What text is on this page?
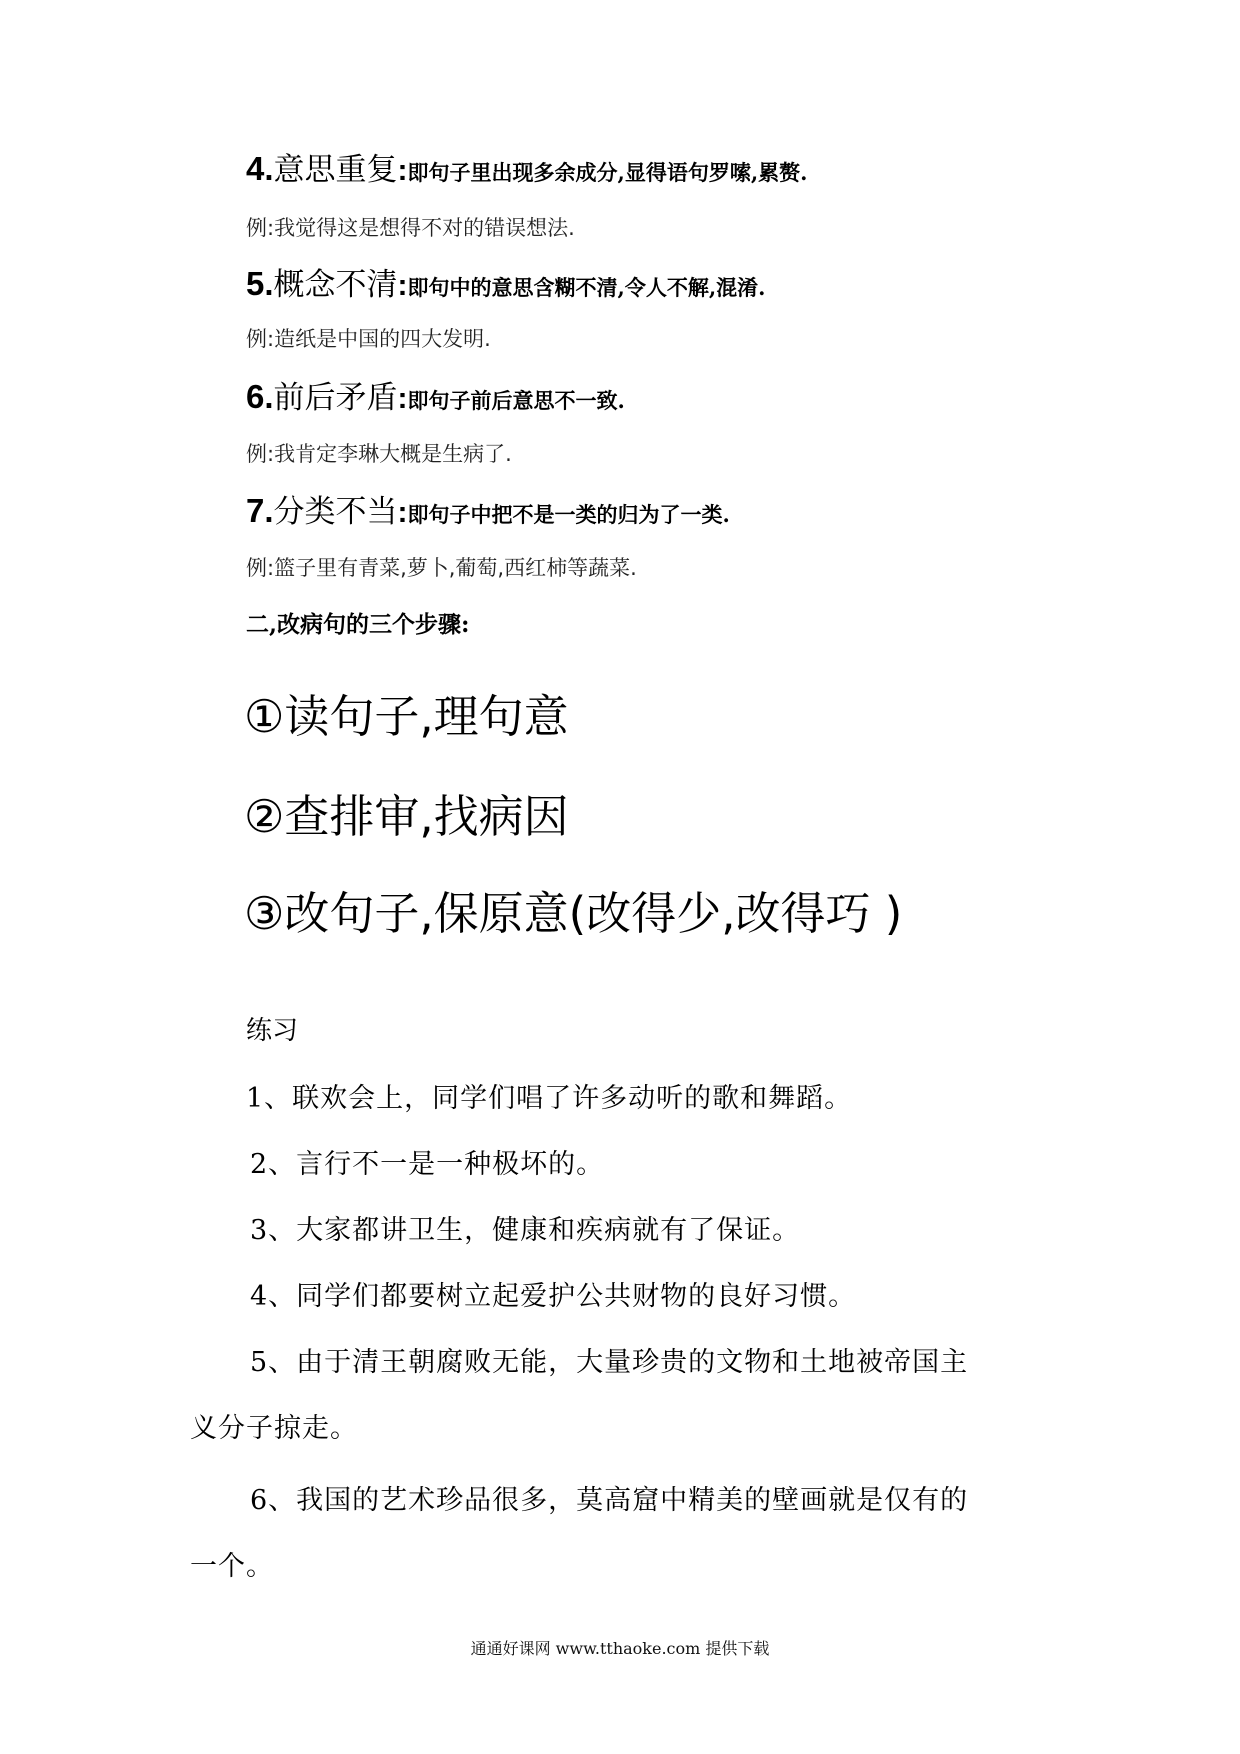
4.意思重复:即句子里出现多余成分,显得语句罗嗦,累赘.
例:我觉得这是想得不对的错误想法.
5.概念不清:即句中的意思含糊不清,令人不解,混淆.
例:造纸是中国的四大发明.
6.前后矛盾:即句子前后意思不一致.
例:我肯定李琳大概是生病了.
7.分类不当:即句子中把不是一类的归为了一类.
例:篮子里有青菜,萝卜,葡萄,西红柿等蔬菜.
二,改病句的三个步骤:
①读句子,理句意
②查排审,找病因
③改句子,保原意(改得少,改得巧 )
练习
1、联欢会上，同学们唱了许多动听的歌和舞蹈。
2、言行不一是一种极坏的。
3、大家都讲卫生，健康和疾病就有了保证。
4、同学们都要树立起爱护公共财物的良好习惯。
5、由于清王朝腐败无能，大量珍贵的文物和土地被帝国主
义分子掠走。
6、我国的艺术珍品很多，莫高窟中精美的壁画就是仅有的
一个。
通通好课网 www.tthaoke.com 提供下载
